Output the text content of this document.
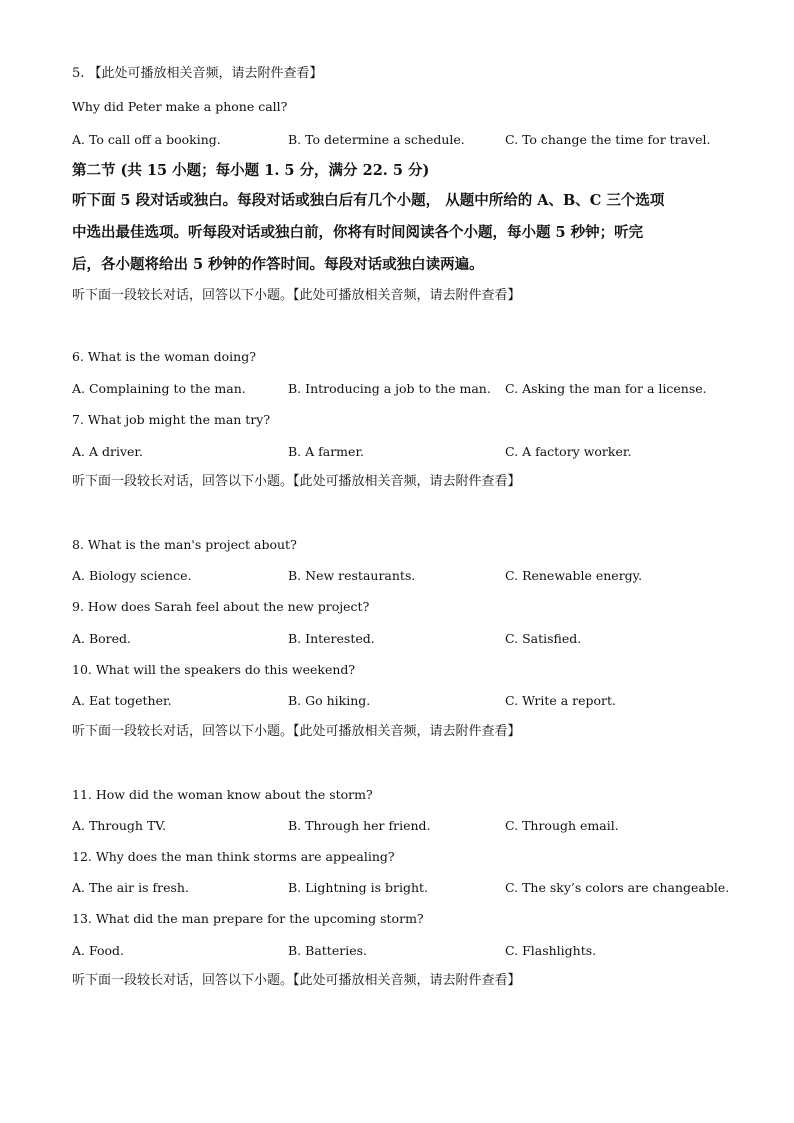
5. 【此处可播放相关音频，请去附件查看】
Why did Peter make a phone call?
A. To call off a booking.	B. To determine a schedule.	C. To change the time for travel.
第二节 (共 15 小题；每小题 1. 5 分，满分 22. 5 分)
听下面 5 段对话或独白。每段对话或独白后有几个小题， 从题中所给的 A、B、C 三个选项
中选出最佳选项。听每段对话或独白前，你将有时间阅读各个小题，每小题 5 秒钟；听完
后，各小题将给出 5 秒钟的作答时间。每段对话或独白读两遍。
听下面一段较长对话，回答以下小题。【此处可播放相关音频，请去附件查看】
6. What is the woman doing?
A. Complaining to the man.	B. Introducing a job to the man. C. Asking the man for a license.
7. What job might the man try?
A. A driver.	B. A farmer.	C. A factory worker.
听下面一段较长对话，回答以下小题。【此处可播放相关音频，请去附件查看】
8. What is the man's project about?
A. Biology science.	B. New restaurants.	C. Renewable energy.
9. How does Sarah feel about the new project?
A. Bored.	B. Interested.	C. Satisfied.
10. What will the speakers do this weekend?
A. Eat together.	B. Go hiking.	C. Write a report.
听下面一段较长对话，回答以下小题。【此处可播放相关音频，请去附件查看】
11. How did the woman know about the storm?
A. Through TV.	B. Through her friend.	C. Through email.
12. Why does the man think storms are appealing?
A. The air is fresh.	B. Lightning is bright.	C. The sky’s colors are changeable.
13. What did the man prepare for the upcoming storm?
A. Food.	B. Batteries.	C. Flashlights.
听下面一段较长对话，回答以下小题。【此处可播放相关音频，请去附件查看】
